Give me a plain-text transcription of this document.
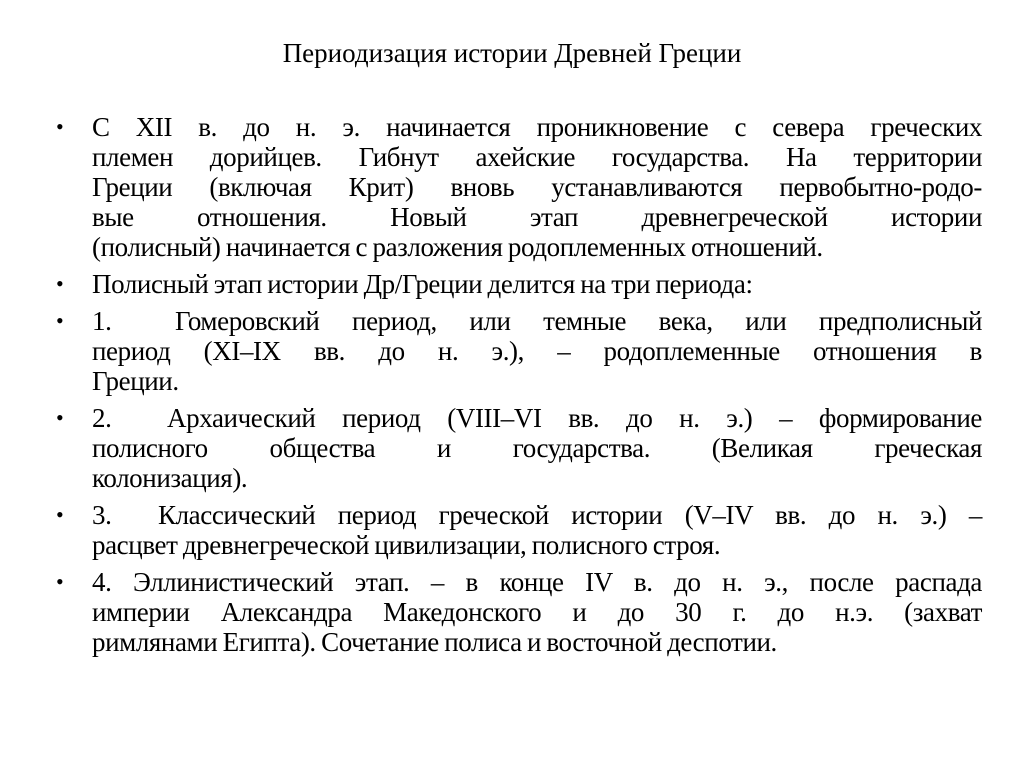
Периодизация истории Древней Греции
• С XII в. до н. э. начинается проникновение с севера греческих
племен дорийцев. Гибнут ахейские государства. На территории
Греции (включая Крит) вновь устанавливаются первобытно-родо-
вые отношения. Новый этап древнегреческой истории
(полисный) начинается с разложения родоплеменных отношений.
• Полисный этап истории Др/Греции делится на три периода:
• 1.	Гомеровский период, или темные века, или предполисный
период (XI–IX вв. до н. э.), – родоплеменные отношения в
Греции.
• 2.	Архаический период (VIII–VI вв. до н. э.) – формирование
полисного общества и государства. (Великая греческая
колонизация).
• 3.	Классический период греческой истории (V–IV вв. до н. э.) –
расцвет древнегреческой цивилизации, полисного строя.
• 4. Эллинистический этап. – в конце IV в. до н. э., после распада
империи Александра Македонского и до 30 г. до н.э. (захват
римлянами Египта). Сочетание полиса и восточной деспотии.
